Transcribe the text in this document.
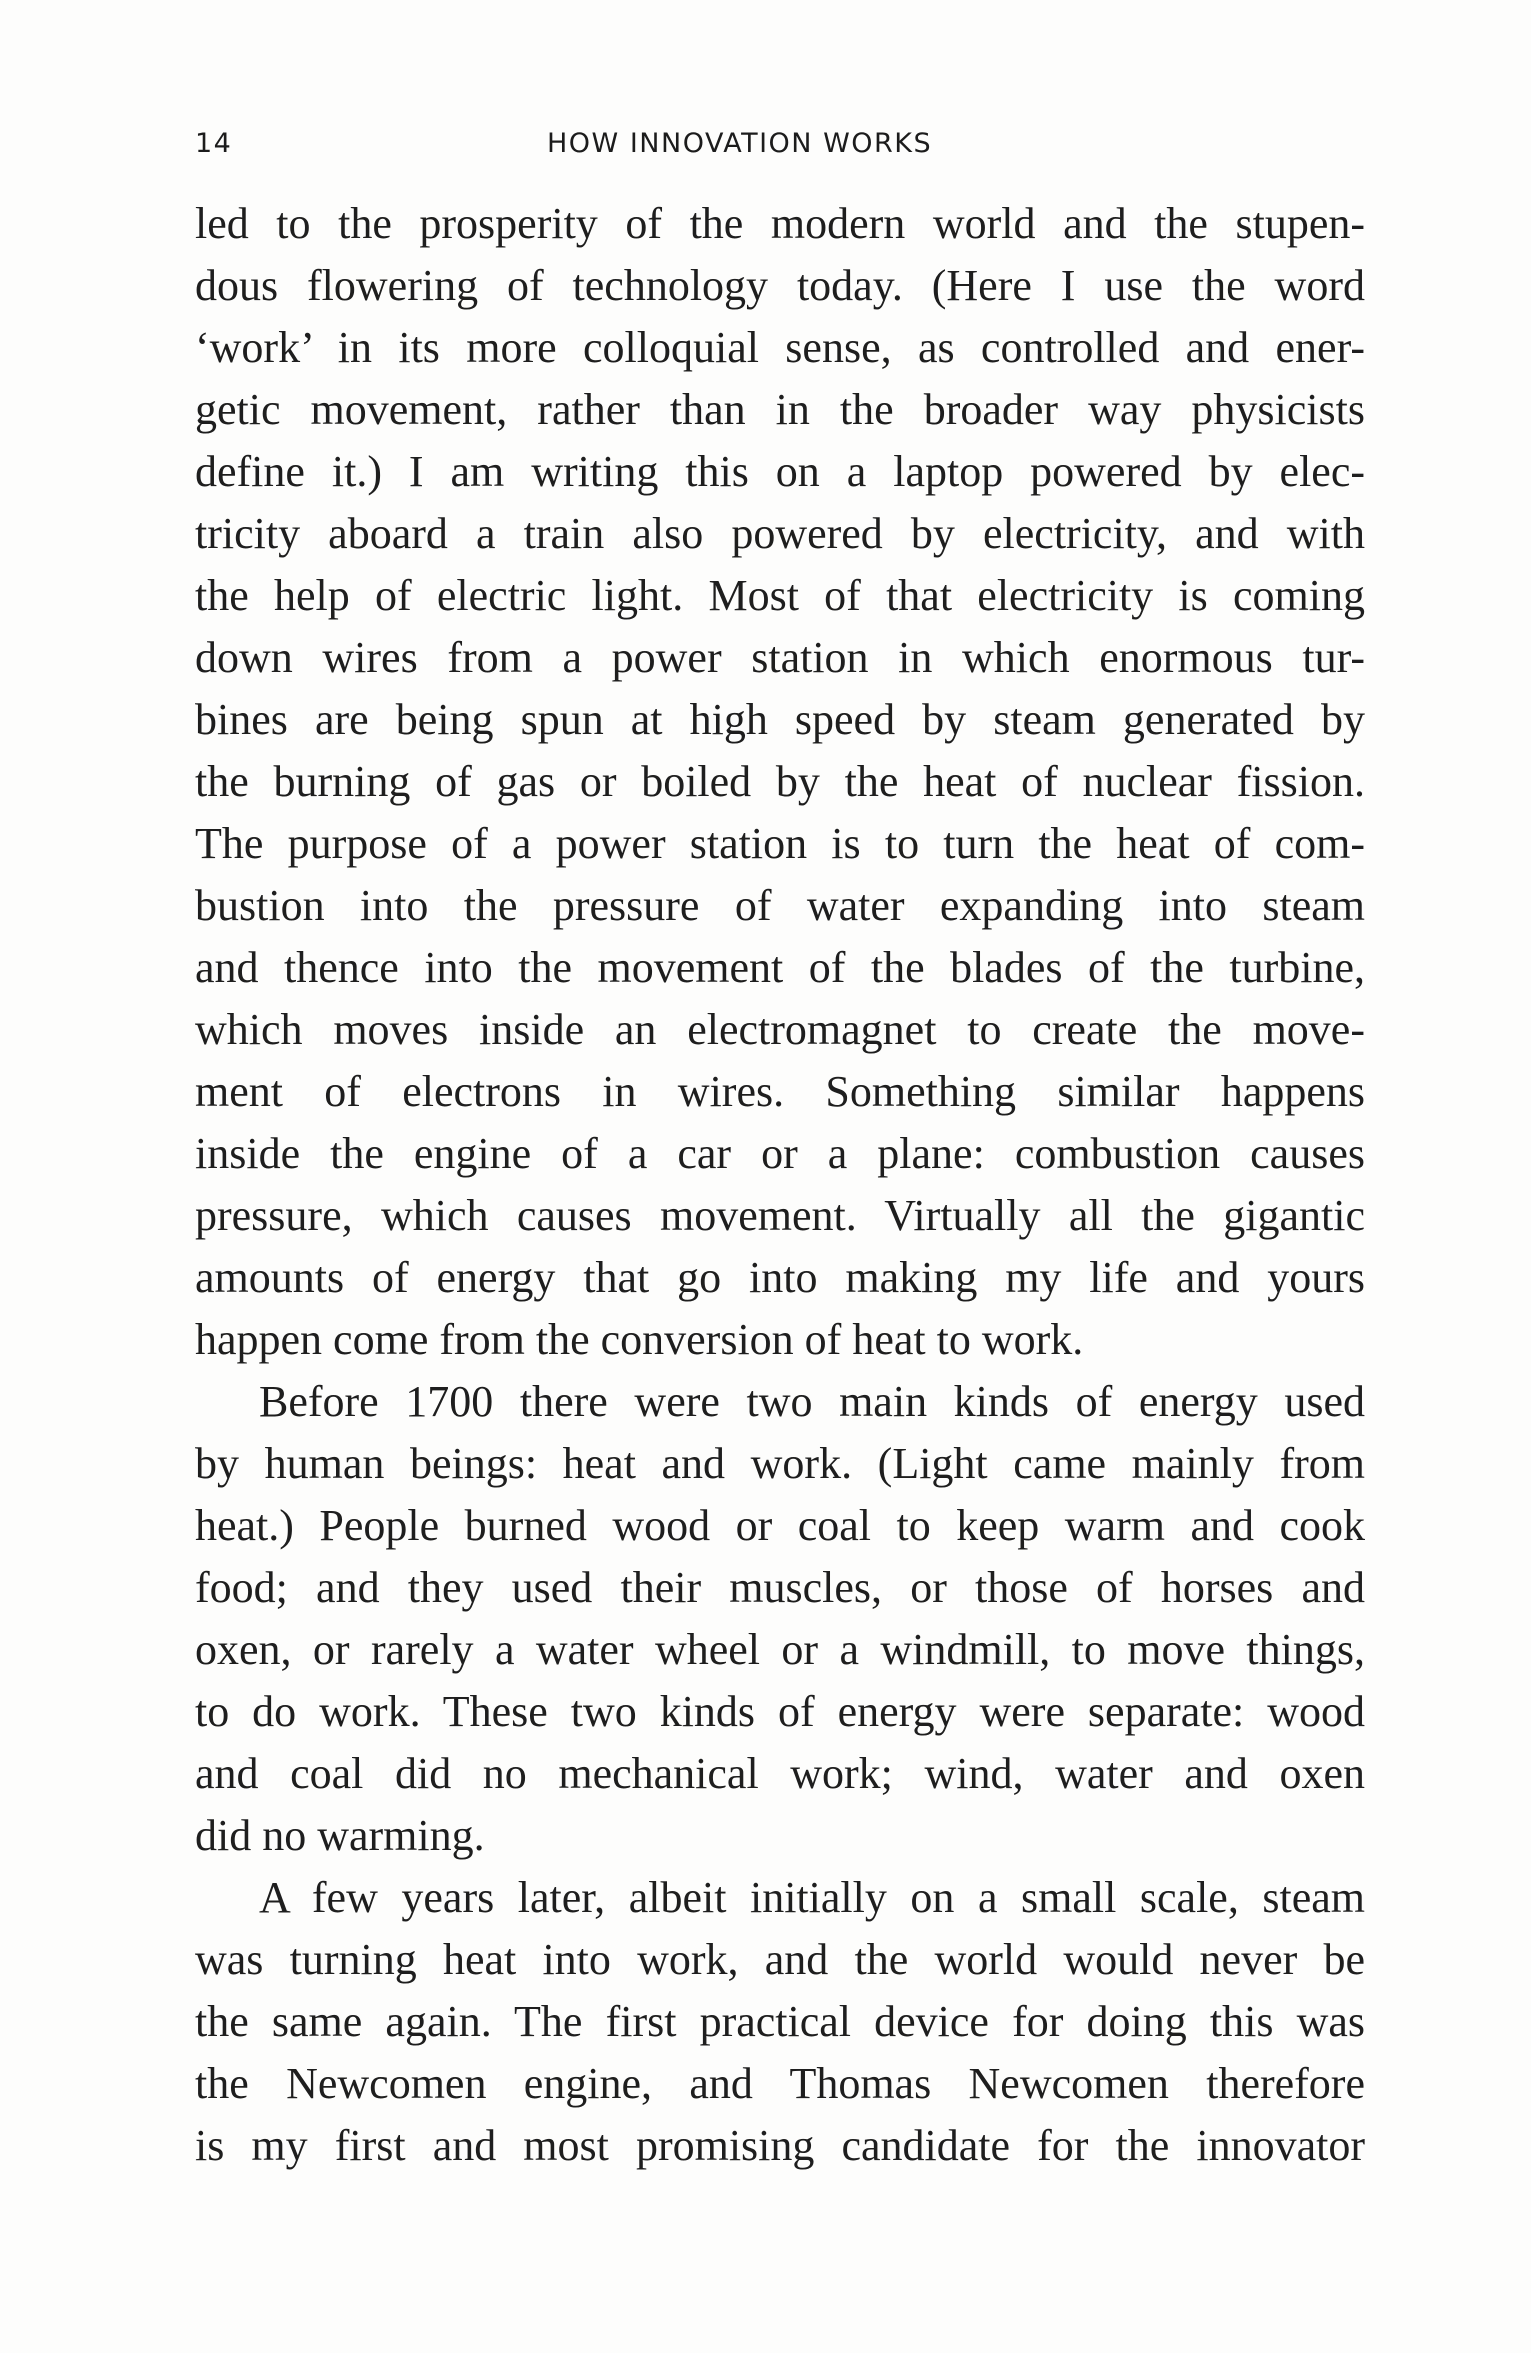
14	HOW INNOVATION WORKS
led to the prosperity of the modern world and the stupen-
dous flowering of technology today. (Here I use the word
‘work’ in its more colloquial sense, as controlled and ener-
getic movement, rather than in the broader way physicists
define it.) I am writing this on a laptop powered by elec-
tricity aboard a train also powered by electricity, and with
the help of electric light. Most of that electricity is coming
down wires from a power station in which enormous tur-
bines are being spun at high speed by steam generated by
the burning of gas or boiled by the heat of nuclear fission.
The purpose of a power station is to turn the heat of com-
bustion into the pressure of water expanding into steam
and thence into the movement of the blades of the turbine,
which moves inside an electromagnet to create the move-
ment of electrons in wires. Something similar happens
inside the engine of a car or a plane: combustion causes
pressure, which causes movement. Virtually all the gigantic
amounts of energy that go into making my life and yours
happen come from the conversion of heat to work.
Before 1700 there were two main kinds of energy used
by human beings: heat and work. (Light came mainly from
heat.) People burned wood or coal to keep warm and cook
food; and they used their muscles, or those of horses and
oxen, or rarely a water wheel or a windmill, to move things,
to do work. These two kinds of energy were separate: wood
and coal did no mechanical work; wind, water and oxen
did no warming.
A few years later, albeit initially on a small scale, steam
was turning heat into work, and the world would never be
the same again. The first practical device for doing this was
the Newcomen engine, and Thomas Newcomen therefore
is my first and most promising candidate for the innovator
